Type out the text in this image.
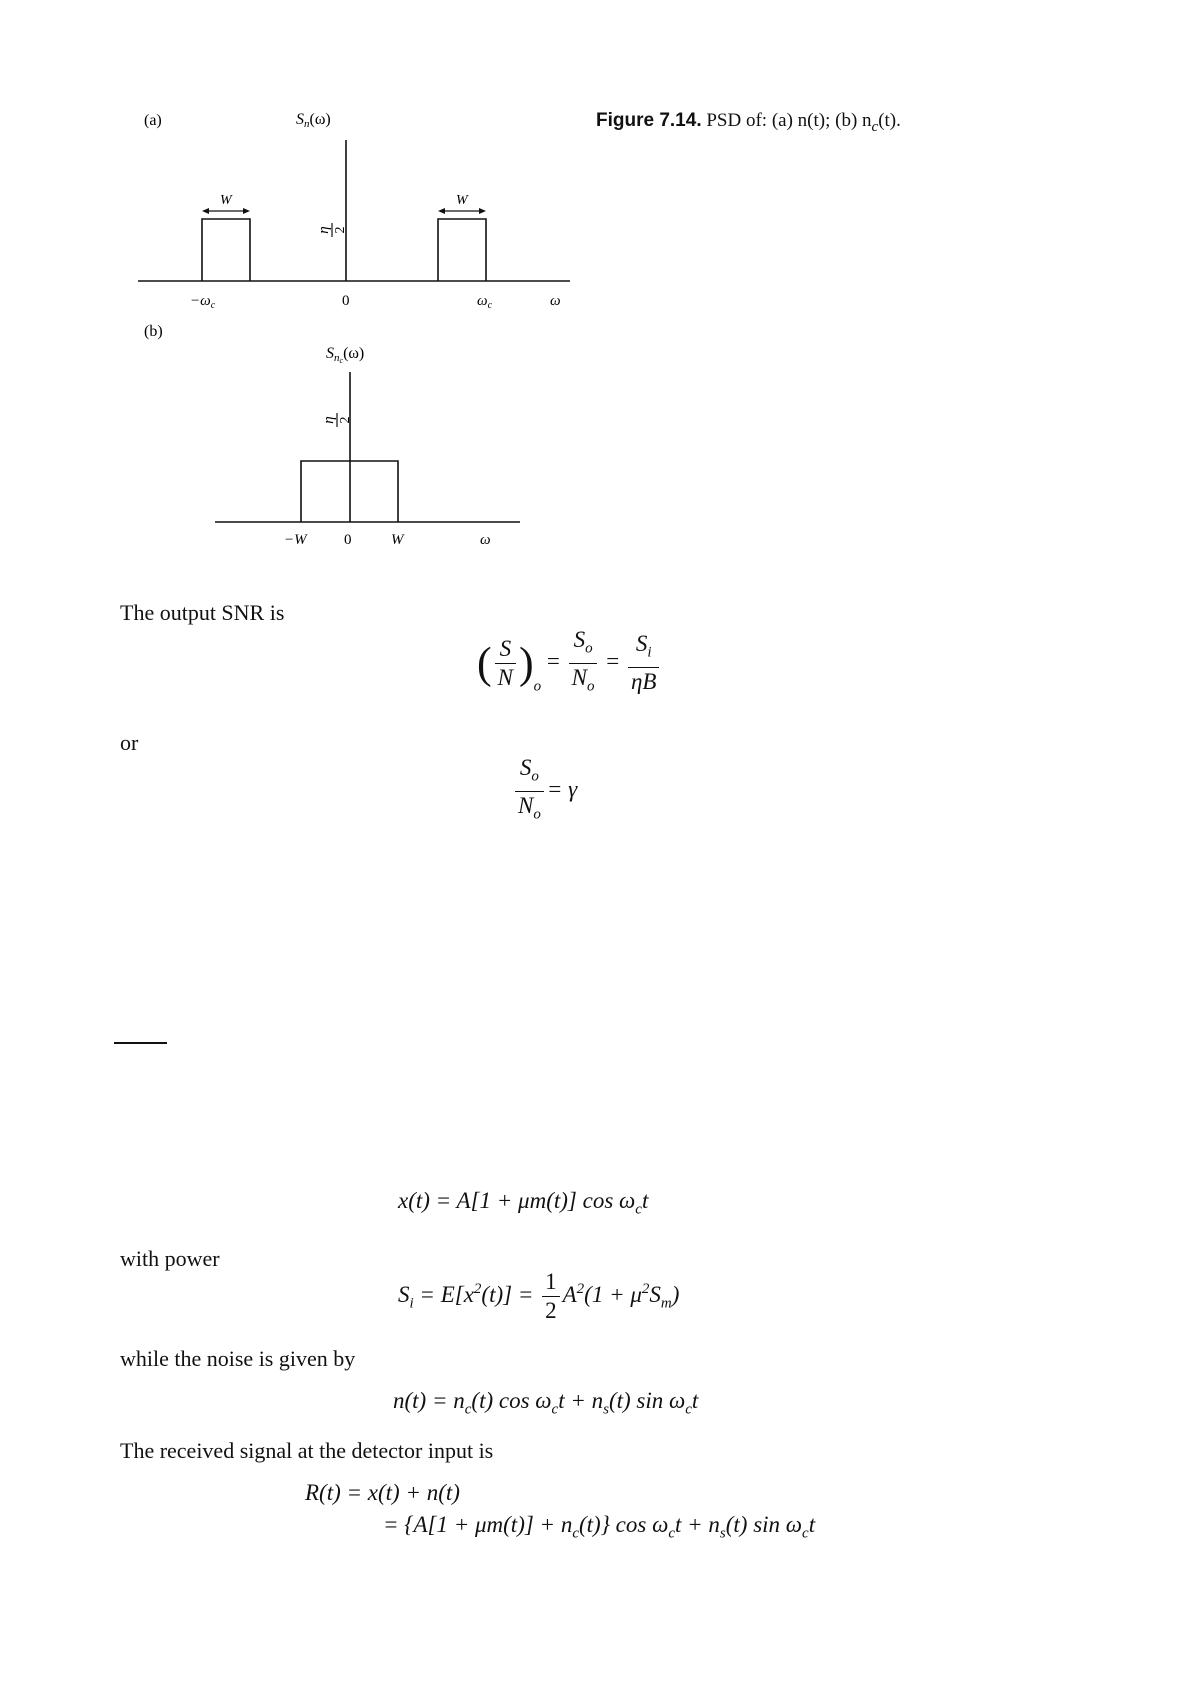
Figure 7.14. PSD of: (a) n(t); (b) $n_c(t)$.
(a)	Sn(ω)
W	W
η 2
$-\omega_c$	0	$\omega_c$	ω
(b)
Snc(ω)
η 2
−W 0	W	ω
The output SNR is
( $\frac{S}{N} )_o = \frac{S_o}{N_o} = \frac{S_i}{\eta B}$
or
$\frac{S_o}{N_o} = \gamma$
x(t) = A[1 + μm(t)] $\cos \omega_ct$
with power
$S_i = E[x^2(t)] = \frac{1}{2} A^2(1 + \mu^2S_m)$
while the noise is given by
$n(t) = n_c(t)$ $\cos \omega_ct + n_s(t)$ $\sin \omega_ct$
The received signal at the detector input is
R(t) = x(t) + n(t)
= $\{A[1 + \mu m(t)] + n_c(t)\}$ $\cos \omega_ct + n_s(t)$ $\sin \omega_ct$
